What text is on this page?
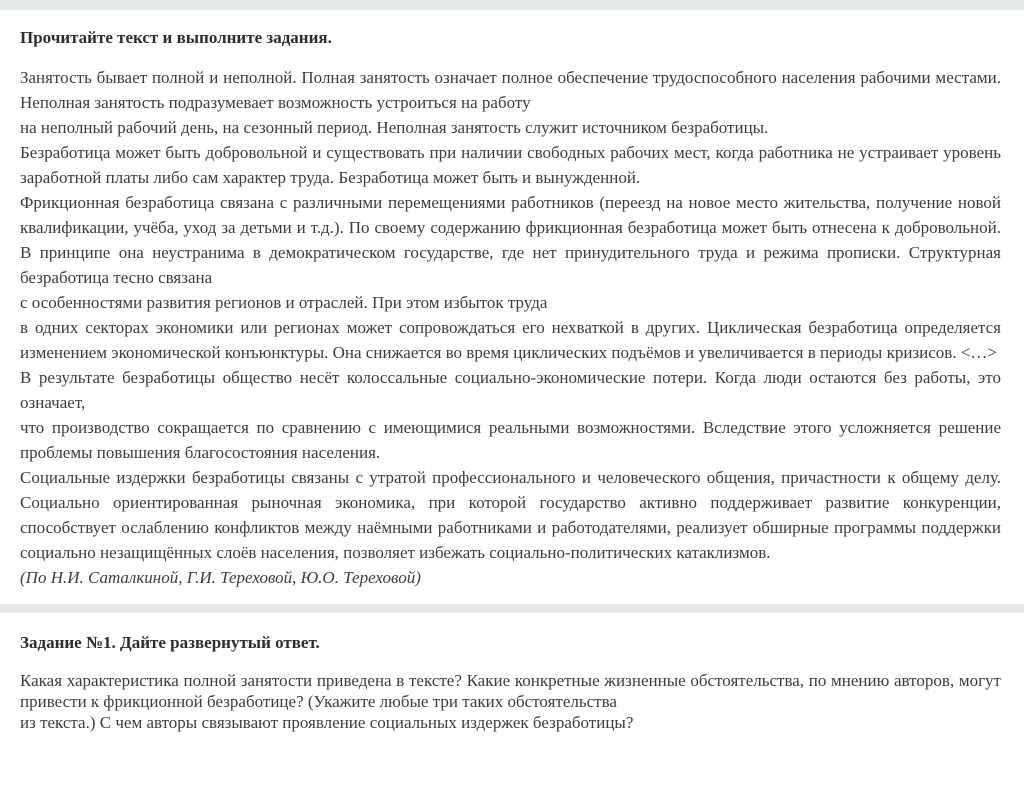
Прочитайте текст и выполните задания.

Занятость бывает полной и неполной. Полная занятость означает полное обеспечение трудоспособного населения рабочими местами. Неполная занятость подразумевает возможность устроиться на работу

на неполный рабочий день, на сезонный период. Неполная занятость служит источником безработицы.

Безработица может быть добровольной и существовать при наличии свободных рабочих мест, когда работника не устраивает уровень заработной платы либо сам характер труда. Безработица может быть и вынужденной.

Фрикционная безработица связана с различными перемещениями работников (переезд на новое место жительства, получение новой квалификации, учёба, уход за детьми и т.д.). По своему содержанию фрикционная безработица может быть отнесена к добровольной. В принципе она неустранима в демократическом государстве, где нет принудительного труда и режима прописки. Структурная безработица тесно связана

с особенностями развития регионов и отраслей. При этом избыток труда

в одних секторах экономики или регионах может сопровождаться его нехваткой в других. Циклическая безработица определяется изменением экономической конъюнктуры. Она снижается во время циклических подъёмов и увеличивается в периоды кризисов. <…>

В результате безработицы общество несёт колоссальные социально-экономические потери. Когда люди остаются без работы, это означает,

что производство сокращается по сравнению с имеющимися реальными возможностями. Вследствие этого усложняется решение проблемы повышения благосостояния населения.

Социальные издержки безработицы связаны с утратой профессионального и человеческого общения, причастности к общему делу. Социально ориентированная рыночная экономика, при которой государство активно поддерживает развитие конкуренции, способствует ослаблению конфликтов между наёмными работниками и работодателями, реализует обширные программы поддержки социально незащищённых слоёв населения, позволяет избежать социально-политических катаклизмов.

(По Н.И. Саталкиной, Г.И. Тереховой, Ю.О. Тереховой)

Задание №1. Дайте развернутый ответ.

Какая характеристика полной занятости приведена в тексте? Какие конкретные жизненные обстоятельства, по мнению авторов, могут привести к фрикционной безработице? (Укажите любые три таких обстоятельства

из текста.) С чем авторы связывают проявление социальных издержек безработицы?
